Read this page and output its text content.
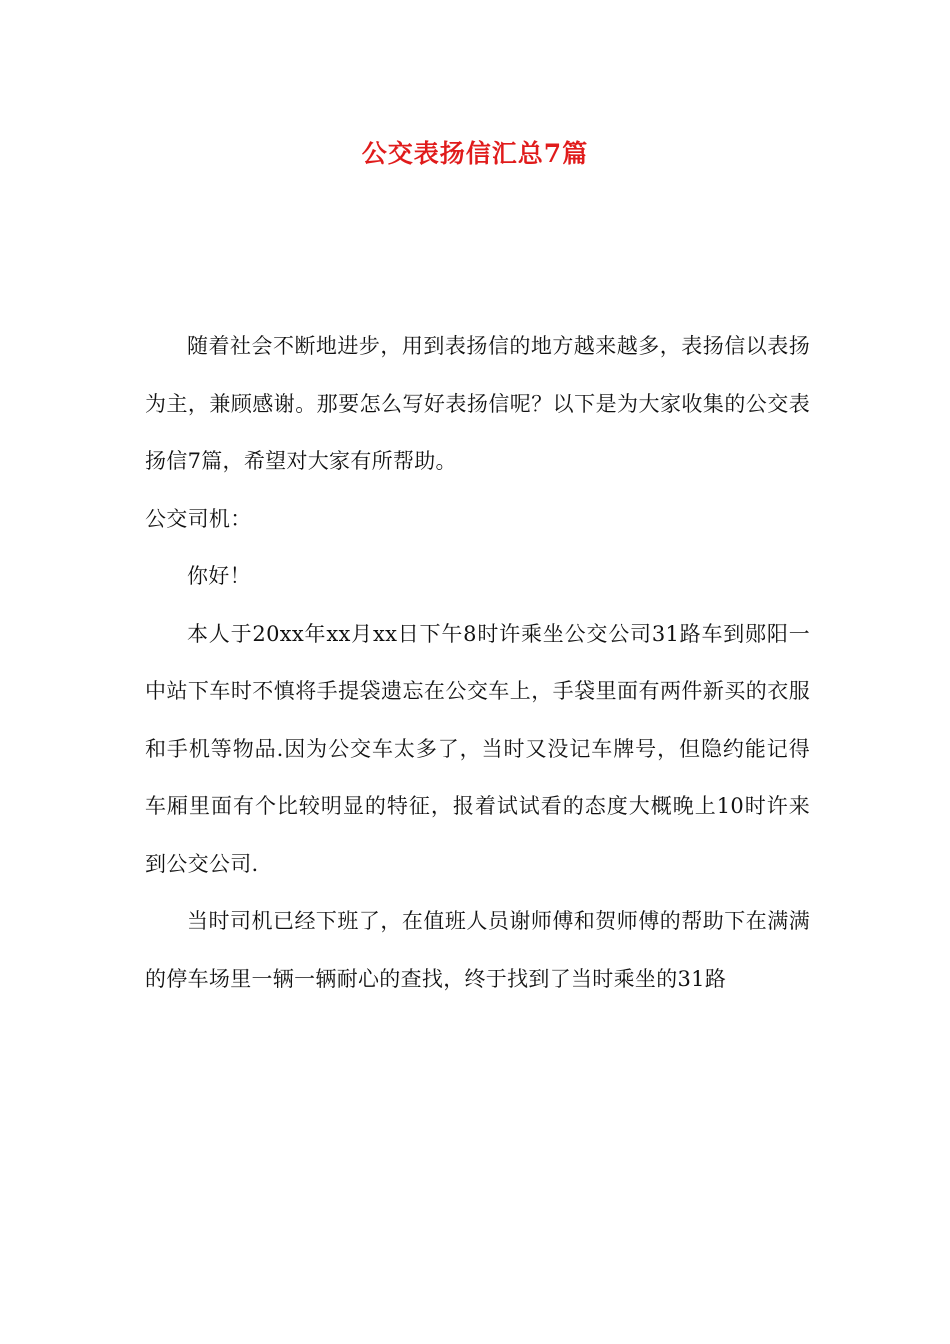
公交表扬信汇总7篇

随着社会不断地进步，用到表扬信的地方越来越多，表扬信以表扬为主，兼顾感谢。那要怎么写好表扬信呢？以下是为大家收集的公交表扬信7篇，希望对大家有所帮助。

公交司机：

你好！

本人于20xx年xx月xx日下午8时许乘坐公交公司31路车到郧阳一中站下车时不慎将手提袋遗忘在公交车上，手袋里面有两件新买的衣服和手机等物品.因为公交车太多了，当时又没记车牌号，但隐约能记得车厢里面有个比较明显的特征，报着试试看的态度大概晚上10时许来到公交公司.

当时司机已经下班了，在值班人员谢师傅和贺师傅的帮助下在满满的停车场里一辆一辆耐心的查找，终于找到了当时乘坐的31路
